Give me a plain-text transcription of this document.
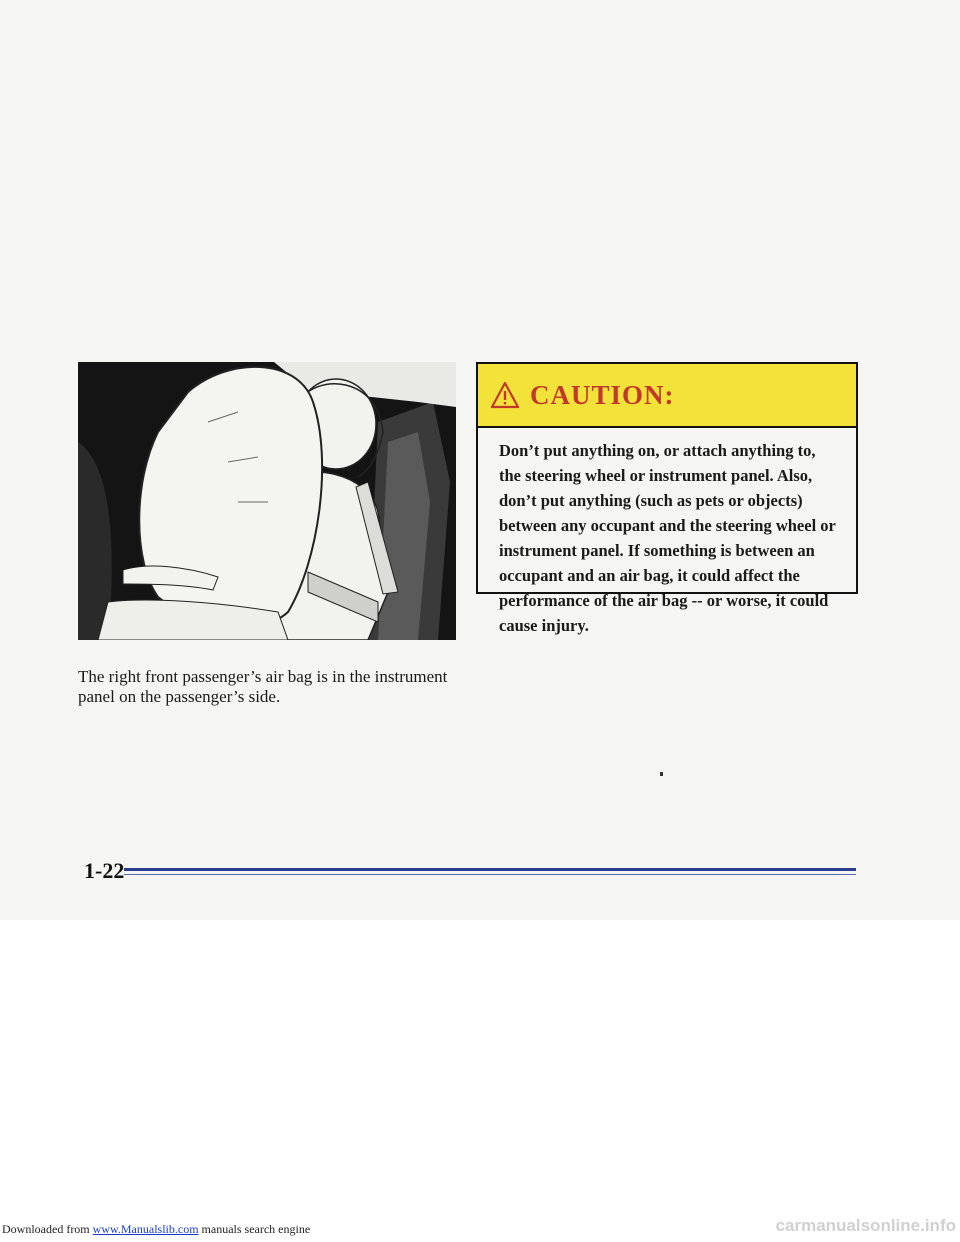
The right front passenger’s air bag is in the instrument panel on the passenger’s side.
CAUTION:
Don’t put anything on, or attach anything to, the steering wheel or instrument panel. Also, don’t put anything (such as pets or objects) between any occupant and the steering wheel or instrument panel. If something is between an occupant and an air bag, it could affect the performance of the air bag -- or worse, it could cause injury.
1-22
Downloaded from www.Manualslib.com manuals search engine	carmanualsonline.info
